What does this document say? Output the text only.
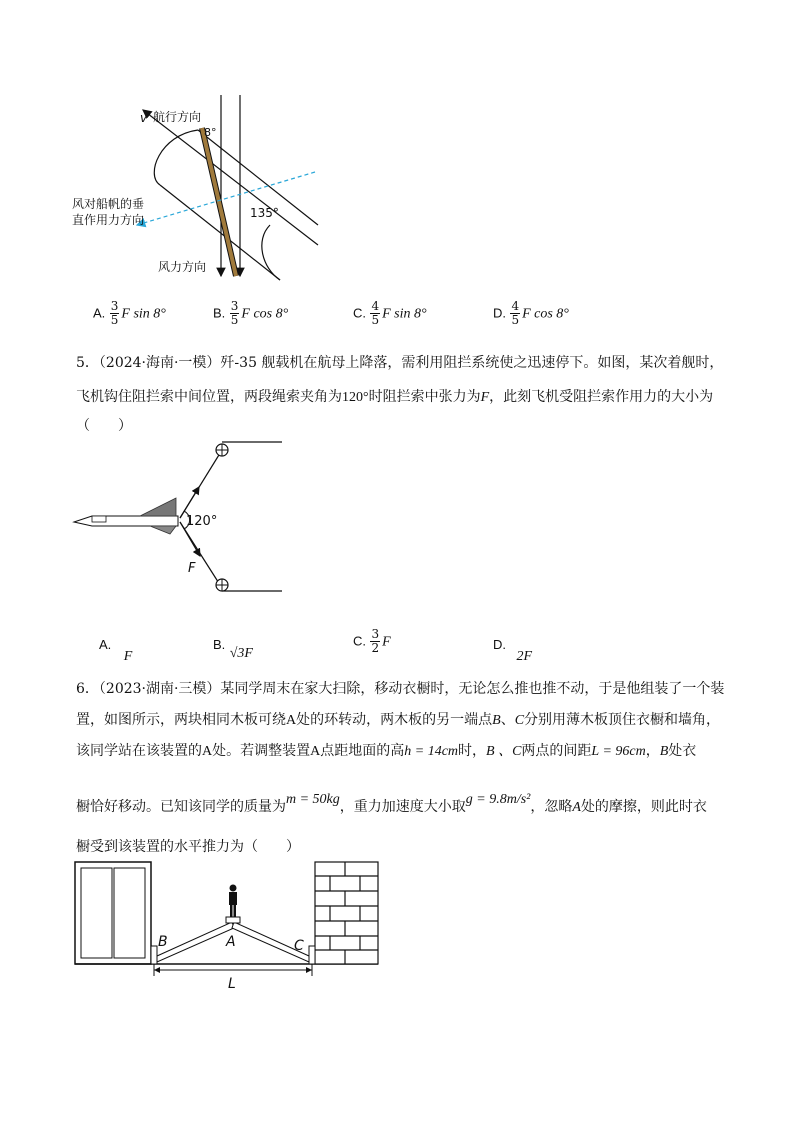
v 航行方向
8°
135°
风对船帆的垂
直作用力方向
风力方向
A. $\frac{3}{5}$ F sin 8°	B. $\frac{3}{5}$ F cos 8°	C. $\frac{4}{5}$ F sin 8°	D. $\frac{4}{5}$ F cos 8°
5．（2024·海南·一模）歼-35 舰载机在航母上降落，需利用阻拦系统使之迅速停下。如图，某次着舰时，
飞机钩住阻拦索中间位置，两段绳索夹角为120°时阻拦索中张力为F，此刻飞机受阻拦索作用力的大小为
（　　）
120°
F
A. F
B. √3F
C. $\frac{3}{2}$ F	D. 2F
6．（2023·湖南·三模）某同学周末在家大扫除，移动衣橱时，无论怎么推也推不动，于是他组装了一个装
置，如图所示，两块相同木板可绕A处的环转动，两木板的另一端点B、C分别用薄木板顶住衣橱和墙角，
该同学站在该装置的A处。若调整装置A点距地面的高h = 14cm时，B 、C两点的间距L = 96cm，B处衣
橱恰好移动。已知该同学的质量为m = 50kg，重力加速度大小取g = 9.8m/s²，忽略A处的摩擦，则此时衣
橱受到该装置的水平推力为（　　）
B	A	C
L
